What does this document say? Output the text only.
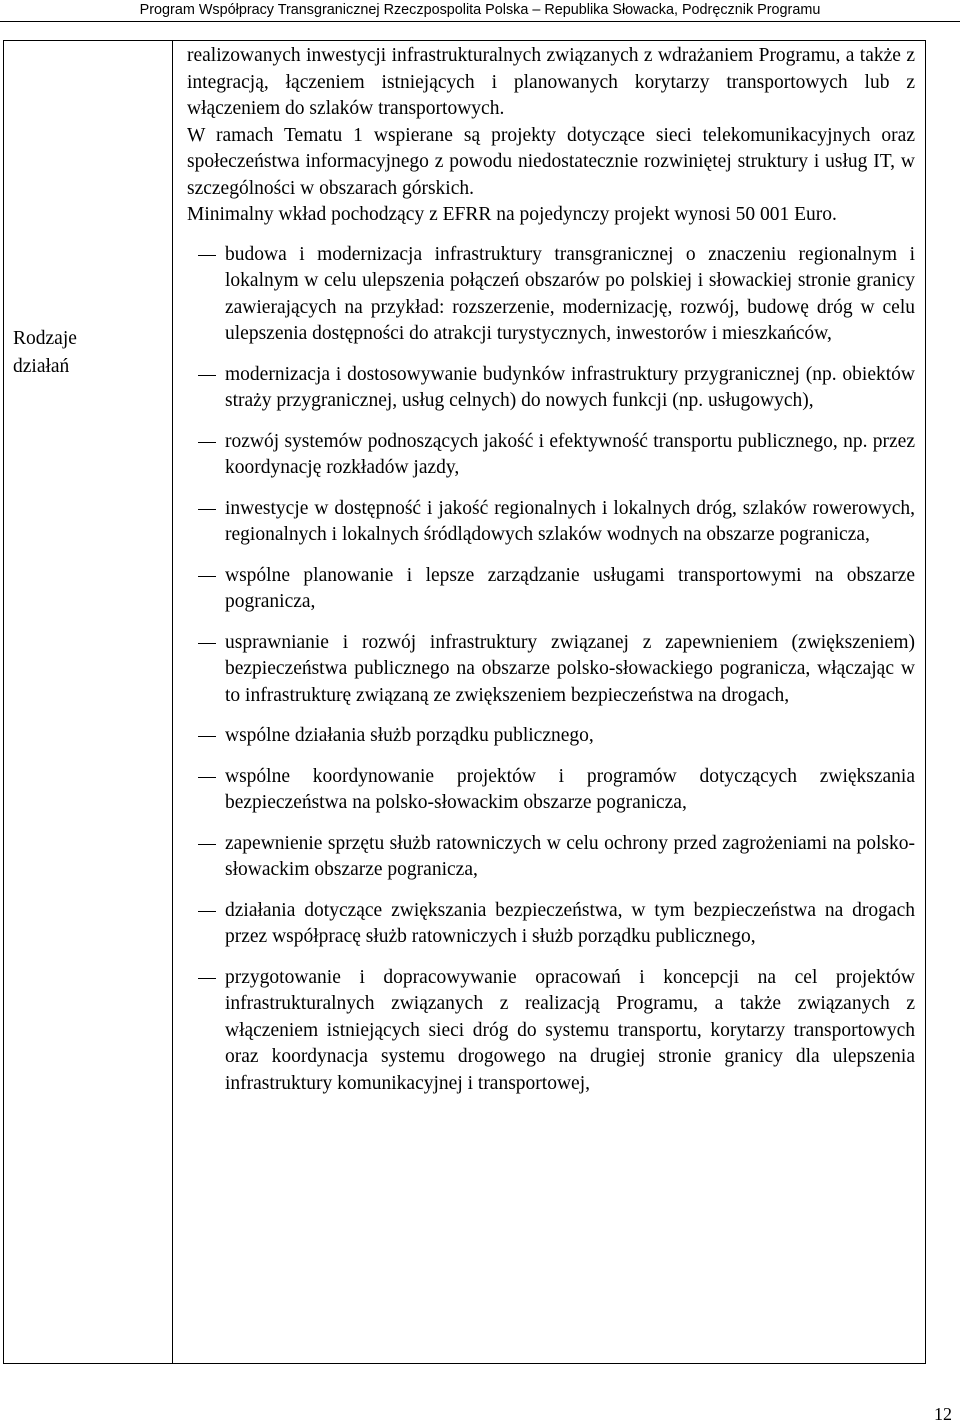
Program Współpracy Transgranicznej Rzeczpospolita Polska – Republika Słowacka, Podręcznik Programu
Rodzaje
działań

realizowanych inwestycji infrastrukturalnych związanych z wdrażaniem Programu, a także z integracją, łączeniem istniejących i planowanych korytarzy transportowych lub z włączeniem do szlaków transportowych.

W ramach Tematu 1 wspierane są projekty dotyczące sieci telekomunikacyjnych oraz społeczeństwa informacyjnego z powodu niedostatecznie rozwiniętej struktury i usług IT, w szczególności w obszarach górskich.

Minimalny wkład pochodzący z EFRR na pojedynczy projekt wynosi 50 001 Euro.

budowa i modernizacja infrastruktury transgranicznej o znaczeniu regionalnym i lokalnym w celu ulepszenia połączeń obszarów po polskiej i słowackiej stronie granicy zawierających na przykład: rozszerzenie, modernizację, rozwój, budowę dróg w celu ulepszenia dostępności do atrakcji turystycznych, inwestorów i mieszkańców,
modernizacja i dostosowywanie budynków infrastruktury przygranicznej (np. obiektów straży przygranicznej, usług celnych) do nowych funkcji (np. usługowych),
rozwój systemów podnoszących jakość i efektywność transportu publicznego, np. przez koordynację rozkładów jazdy,
inwestycje w dostępność i jakość regionalnych i lokalnych dróg, szlaków rowerowych, regionalnych i lokalnych śródlądowych szlaków wodnych na obszarze pogranicza,
wspólne planowanie i lepsze zarządzanie usługami transportowymi na obszarze pogranicza,
usprawnianie i rozwój infrastruktury związanej z zapewnieniem (zwiększeniem) bezpieczeństwa publicznego na obszarze polsko-słowackiego pogranicza, włączając w to infrastrukturę związaną ze zwiększeniem bezpieczeństwa na drogach,
wspólne działania służb porządku publicznego,
wspólne koordynowanie projektów i programów dotyczących zwiększania bezpieczeństwa na polsko-słowackim obszarze pogranicza,
zapewnienie sprzętu służb ratowniczych w celu ochrony przed zagrożeniami na polsko-słowackim obszarze pogranicza,
działania dotyczące zwiększania bezpieczeństwa, w tym bezpieczeństwa na drogach przez współpracę służb ratowniczych i służb porządku publicznego,
przygotowanie i dopracowywanie opracowań i koncepcji na cel projektów infrastrukturalnych związanych z realizacją Programu, a także związanych z włączeniem istniejących sieci dróg do systemu transportu, korytarzy transportowych oraz koordynacja systemu drogowego na drugiej stronie granicy dla ulepszenia infrastruktury komunikacyjnej i transportowej,
12
